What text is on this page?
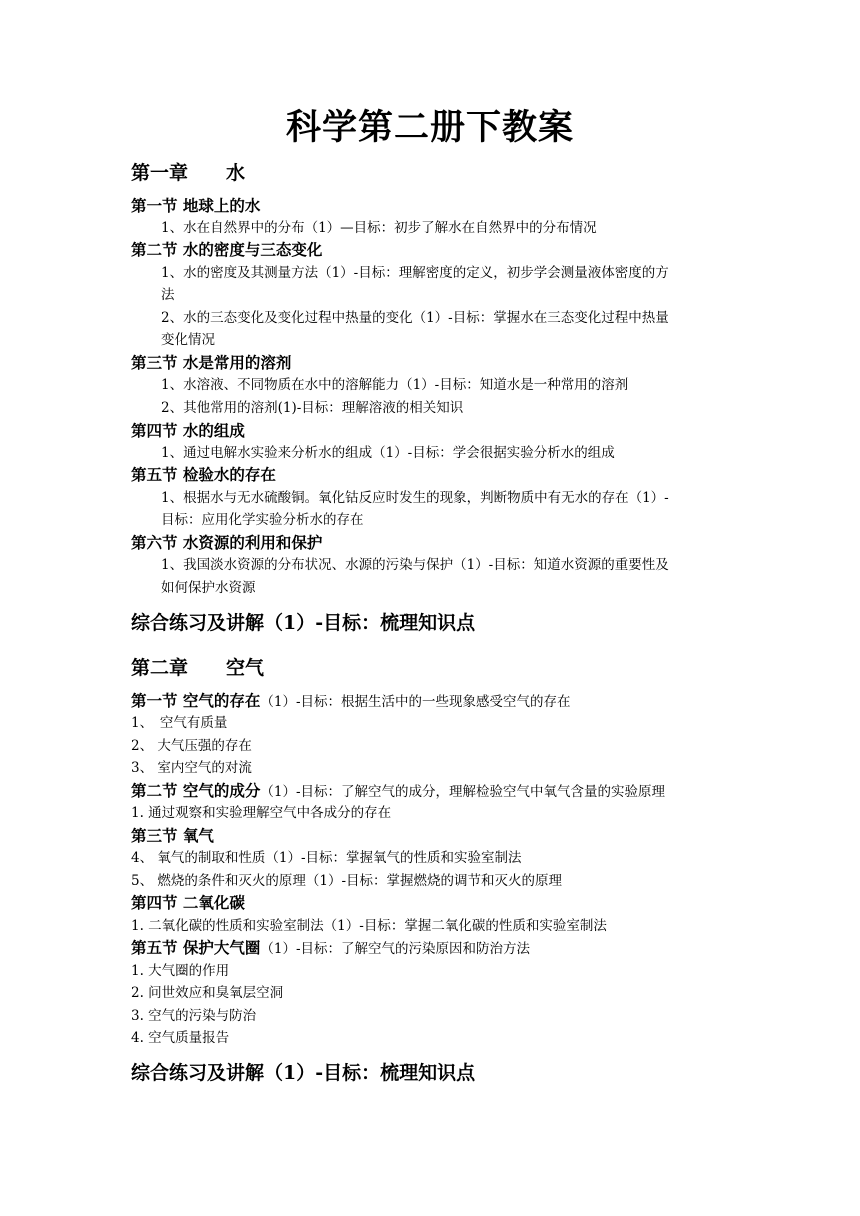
科学第二册下教案
第一章　　水
第一节 地球上的水
1、水在自然界中的分布（1）—目标：初步了解水在自然界中的分布情况
第二节 水的密度与三态变化
1、水的密度及其测量方法（1）-目标：理解密度的定义，初步学会测量液体密度的方
法
2、水的三态变化及变化过程中热量的变化（1）-目标：掌握水在三态变化过程中热量
变化情况
第三节 水是常用的溶剂
1、水溶液、不同物质在水中的溶解能力（1）-目标：知道水是一种常用的溶剂
2、其他常用的溶剂(1)-目标：理解溶液的相关知识
第四节 水的组成
1、通过电解水实验来分析水的组成（1）-目标：学会很据实验分析水的组成
第五节 检验水的存在
1、根据水与无水硫酸铜。氧化钴反应时发生的现象，判断物质中有无水的存在（1）-
目标：应用化学实验分析水的存在
第六节 水资源的利用和保护
1、我国淡水资源的分布状况、水源的污染与保护（1）-目标：知道水资源的重要性及
如何保护水资源
综合练习及讲解（1）-目标：梳理知识点
第二章　　空气
第一节 空气的存在（1）-目标：根据生活中的一些现象感受空气的存在
1、　空气有质量
2、 大气压强的存在
3、 室内空气的对流
第二节 空气的成分（1）-目标：了解空气的成分，理解检验空气中氧气含量的实验原理
1. 通过观察和实验理解空气中各成分的存在
第三节 氧气
4、 氧气的制取和性质（1）-目标：掌握氧气的性质和实验室制法
5、 燃烧的条件和灭火的原理（1）-目标：掌握燃烧的调节和灭火的原理
第四节 二氧化碳
1. 二氧化碳的性质和实验室制法（1）-目标：掌握二氧化碳的性质和实验室制法
第五节 保护大气圈（1）-目标：了解空气的污染原因和防治方法
1. 大气圈的作用
2. 问世效应和臭氧层空洞
3. 空气的污染与防治
4. 空气质量报告
综合练习及讲解（1）-目标：梳理知识点
